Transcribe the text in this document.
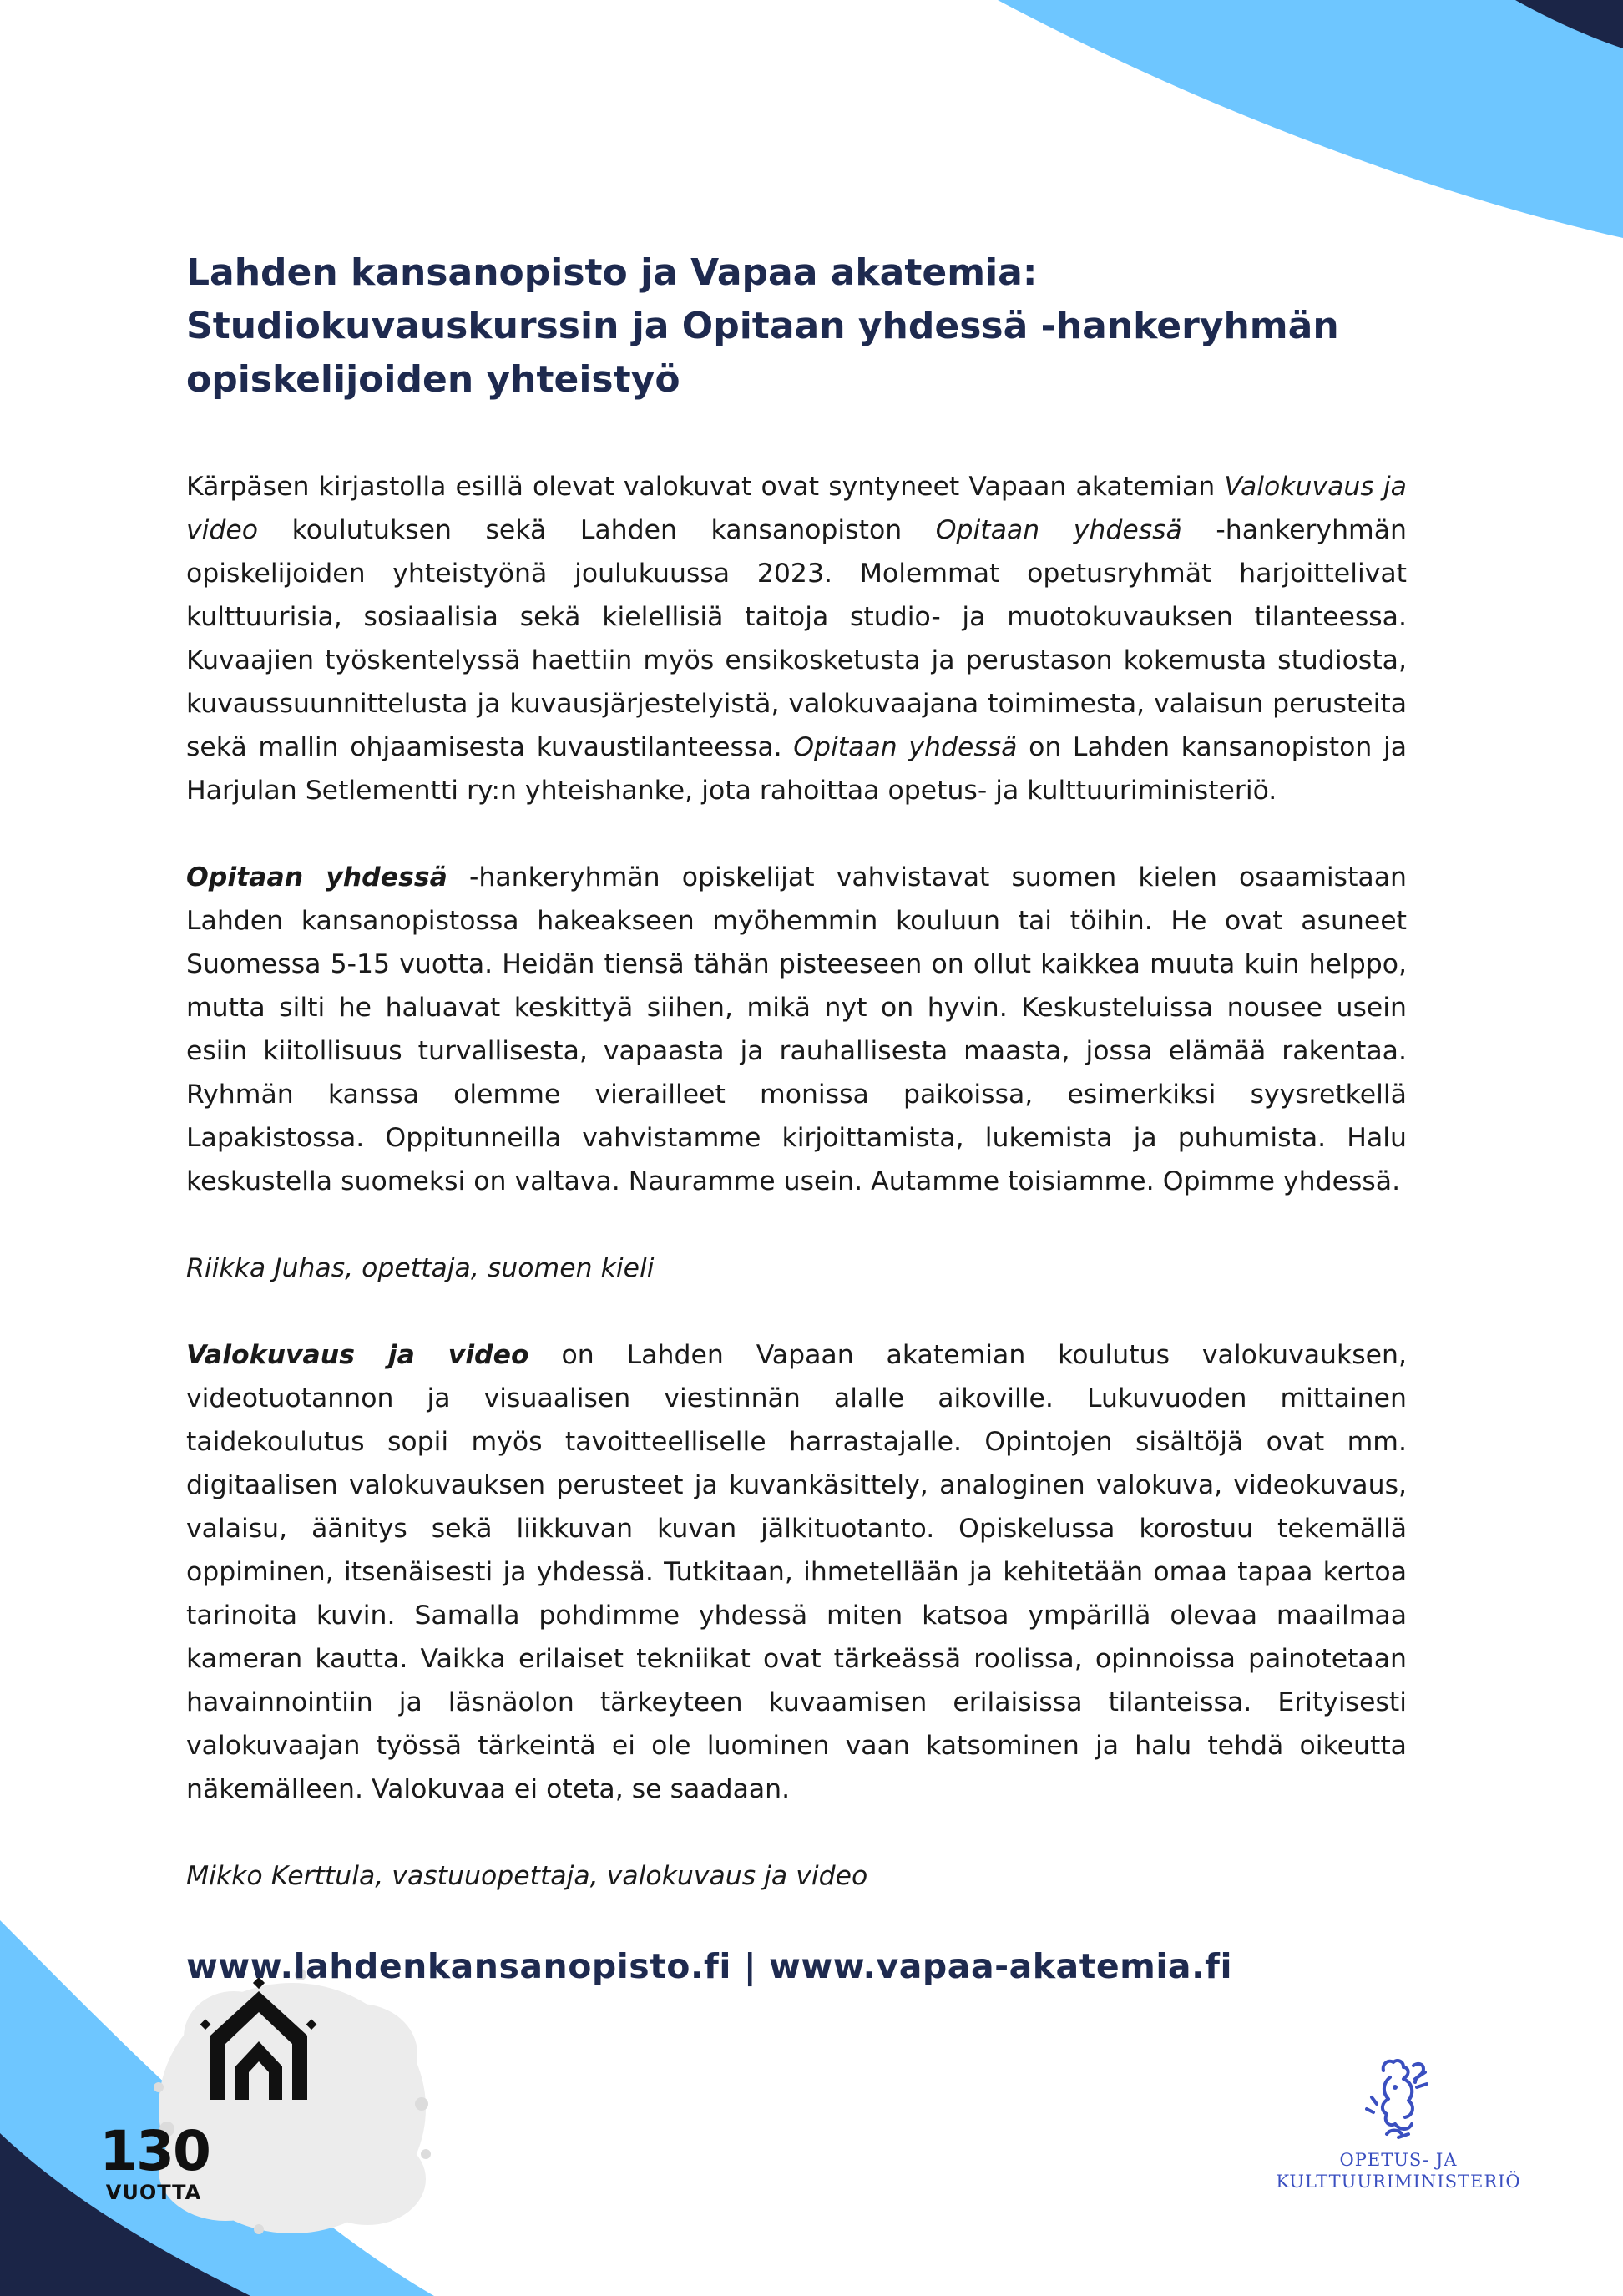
130
VUOTTA
OPETUS- JA
KULTTUURIMINISTERIÖ
Lahden kansanopisto ja Vapaa akatemia:
Studiokuvauskurssin ja Opitaan yhdessä -hankeryhmän
opiskelijoiden yhteistyö

Kärpäsen kirjastolla esillä olevat valokuvat ovat syntyneet Vapaan akatemian Valokuvaus ja video koulutuksen sekä Lahden kansanopiston Opitaan yhdessä -hankeryhmän opiskelijoiden yhteistyönä joulukuussa 2023. Molemmat opetusryhmät harjoittelivat kulttuurisia, sosiaalisia sekä kielellisiä taitoja studio- ja muotokuvauksen tilanteessa. Kuvaajien työskentelyssä haettiin myös ensikosketusta ja perustason kokemusta studiosta, kuvaussuunnittelusta ja kuvausjärjestelyistä, valokuvaajana toimimesta, valaisun perusteita sekä mallin ohjaamisesta kuvaustilanteessa. Opitaan yhdessä on Lahden kansanopiston ja Harjulan Setlementti ry:n yhteishanke, jota rahoittaa opetus- ja kulttuuriministeriö.

Opitaan yhdessä -hankeryhmän opiskelijat vahvistavat suomen kielen osaamistaan Lahden kansanopistossa hakeakseen myöhemmin kouluun tai töihin. He ovat asuneet Suomessa 5-15 vuotta. Heidän tiensä tähän pisteeseen on ollut kaikkea muuta kuin helppo, mutta silti he haluavat keskittyä siihen, mikä nyt on hyvin. Keskusteluissa nousee usein esiin kiitollisuus turvallisesta, vapaasta ja rauhallisesta maasta, jossa elämää rakentaa. Ryhmän kanssa olemme vierailleet monissa paikoissa, esimerkiksi syysretkellä Lapakistossa. Oppitunneilla vahvistamme kirjoittamista, lukemista ja puhumista. Halu keskustella suomeksi on valtava. Nauramme usein. Autamme toisiamme. Opimme yhdessä.

Riikka Juhas, opettaja, suomen kieli

Valokuvaus ja video on Lahden Vapaan akatemian koulutus valokuvauksen, videotuotannon ja visuaalisen viestinnän alalle aikoville. Lukuvuoden mittainen taidekoulutus sopii myös tavoitteelliselle harrastajalle. Opintojen sisältöjä ovat mm. digitaalisen valokuvauksen perusteet ja kuvankäsittely, analoginen valokuva, videokuvaus, valaisu, äänitys sekä liikkuvan kuvan jälkituotanto. Opiskelussa korostuu tekemällä oppiminen, itsenäisesti ja yhdessä. Tutkitaan, ihmetellään ja kehitetään omaa tapaa kertoa tarinoita kuvin. Samalla pohdimme yhdessä miten katsoa ympärillä olevaa maailmaa kameran kautta. Vaikka erilaiset tekniikat ovat tärkeässä roolissa, opinnoissa painotetaan havainnointiin ja läsnäolon tärkeyteen kuvaamisen erilaisissa tilanteissa. Erityisesti valokuvaajan työssä tärkeintä ei ole luominen vaan katsominen ja halu tehdä oikeutta näkemälleen. Valokuvaa ei oteta, se saadaan.

Mikko Kerttula, vastuuopettaja, valokuvaus ja video

www.lahdenkansanopisto.fi | www.vapaa-akatemia.fi
